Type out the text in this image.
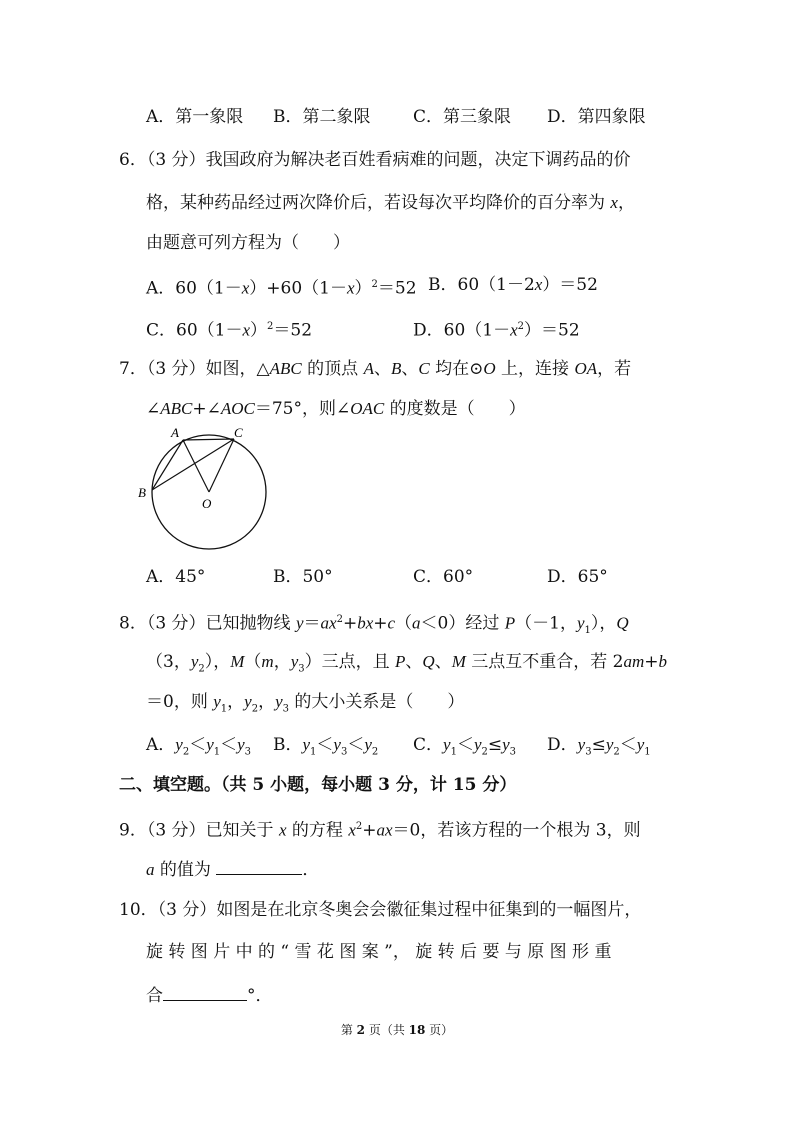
A．第一象限 B．第二象限	C．第三象限 D．第四象限
6．（3 分）我国政府为解决老百姓看病难的问题，决定下调药品的价
格，某种药品经过两次降价后，若设每次平均降价的百分率为 x，
由题意可列方程为（　　）
A．$60(1-x)+60(1-x)^2=52$ B．60（1－2x）＝52
C．$60(1-x)^2=52$	D．$60(1-x^2)=52$
7．（3 分）如图，△ABC 的顶点 A、B、C 均在⊙O 上，连接 OA，若
∠ABC+∠AOC＝75°，则∠OAC 的度数是（　　）
A	C
B
O
A．45°	B．50°	C．60°	D．65°
8．（3 分）已知抛物线 $y=ax^2+bx+c(a<0)$经过 P（－1，$y_1$），Q
（3，$y_2$），M（m，$y_3$）三点，且 P、Q、M 三点互不重合，若 2am+b
＝0，则 $y_1$，$y_2$，$y_3$ 的大小关系是（　　）
A．$y_2<y_1<y_3$ B．$y_1<y_3<y_2$ C．$y_1<y_2\le y_3$ D．$y_3\le y_2<y_1$
二、填空题。（共 5 小题，每小题 3 分，计 15 分）
9．（3 分）已知关于 x 的方程 $x^2+ax=0$，若该方程的一个根为 3，则
a 的值为	．
10．（3 分）如图是在北京冬奥会会徽征集过程中征集到的一幅图片，
旋 转 图 片 中 的 “ 雪 花 图 案 ”， 旋 转 后 要 与 原 图 形 重
合	°．
第 2 页（共 18 页）
